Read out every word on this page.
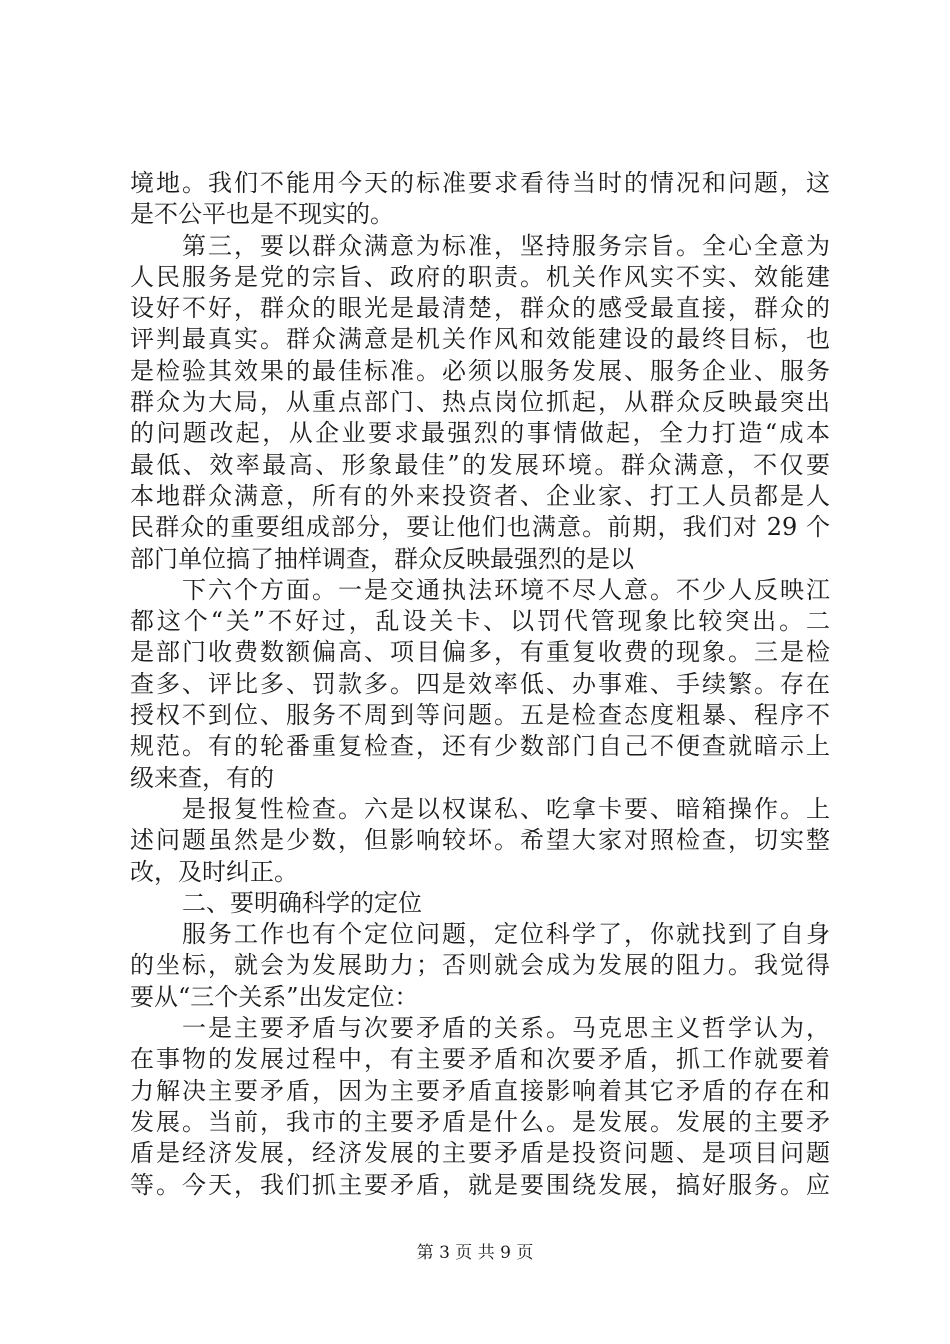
境地。我们不能用今天的标准要求看待当时的情况和问题，这
是不公平也是不现实的。
第三，要以群众满意为标准，坚持服务宗旨。全心全意为
人民服务是党的宗旨、政府的职责。机关作风实不实、效能建
设好不好，群众的眼光是最清楚，群众的感受最直接，群众的
评判最真实。群众满意是机关作风和效能建设的最终目标，也
是检验其效果的最佳标准。必须以服务发展、服务企业、服务
群众为大局，从重点部门、热点岗位抓起，从群众反映最突出
的问题改起，从企业要求最强烈的事情做起，全力打造“成本
最低、效率最高、形象最佳”的发展环境。群众满意，不仅要
本地群众满意，所有的外来投资者、企业家、打工人员都是人
民群众的重要组成部分，要让他们也满意。前期，我们对 29 个
部门单位搞了抽样调查，群众反映最强烈的是以
下六个方面。一是交通执法环境不尽人意。不少人反映江
都这个“关”不好过，乱设关卡、以罚代管现象比较突出。二
是部门收费数额偏高、项目偏多，有重复收费的现象。三是检
查多、评比多、罚款多。四是效率低、办事难、手续繁。存在
授权不到位、服务不周到等问题。五是检查态度粗暴、程序不
规范。有的轮番重复检查，还有少数部门自己不便查就暗示上
级来查，有的
是报复性检查。六是以权谋私、吃拿卡要、暗箱操作。上
述问题虽然是少数，但影响较坏。希望大家对照检查，切实整
改，及时纠正。
二、要明确科学的定位
服务工作也有个定位问题，定位科学了，你就找到了自身
的坐标，就会为发展助力；否则就会成为发展的阻力。我觉得
要从“三个关系”出发定位：
一是主要矛盾与次要矛盾的关系。马克思主义哲学认为，
在事物的发展过程中，有主要矛盾和次要矛盾，抓工作就要着
力解决主要矛盾，因为主要矛盾直接影响着其它矛盾的存在和
发展。当前，我市的主要矛盾是什么。是发展。发展的主要矛
盾是经济发展，经济发展的主要矛盾是投资问题、是项目问题
等。今天，我们抓主要矛盾，就是要围绕发展，搞好服务。应
第 3 页 共 9 页
